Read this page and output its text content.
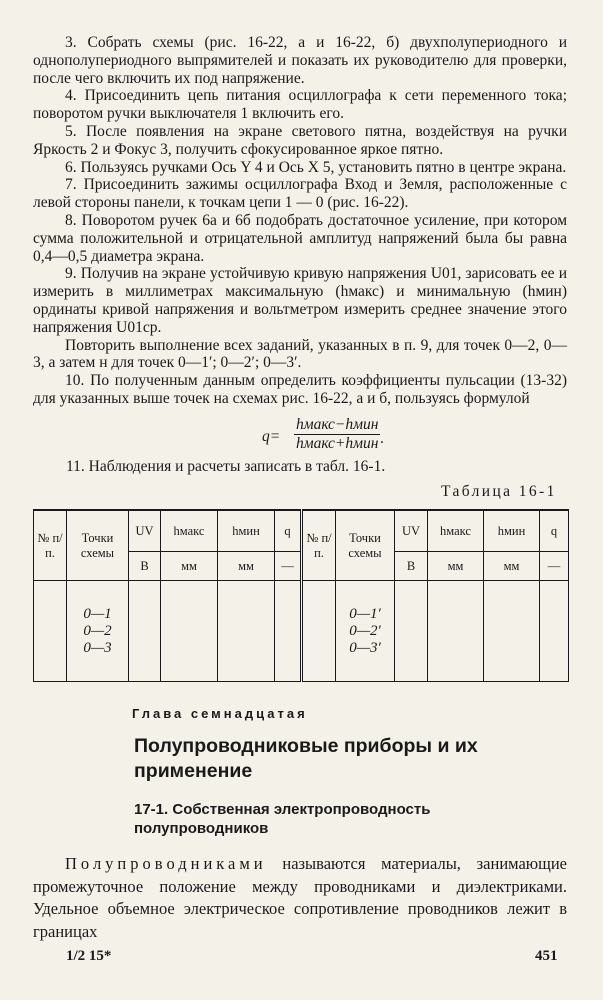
3. Собрать схемы (рис. 16-22, а и 16-22, б) двухполупериодного и однополупериодного выпрямителей и показать их руководителю для проверки, после чего включить их под напряжение.

4. Присоединить цепь питания осциллографа к сети переменного тока; поворотом ручки выключателя 1 включить его.

5. После появления на экране светового пятна, воздействуя на ручки Яркость 2 и Фокус 3, получить сфокусированное яркое пятно.

6. Пользуясь ручками Ось Y 4 и Ось X 5, установить пятно в центре экрана.

7. Присоединить зажимы осциллографа Вход и Земля, расположенные с левой стороны панели, к точкам цепи 1 — 0 (рис. 16-22).

8. Поворотом ручек 6а и 6б подобрать достаточное усиление, при котором сумма положительной и отрицательной амплитуд напряжений была бы равна 0,4—0,5 диаметра экрана.

9. Получив на экране устойчивую кривую напряжения U01, зарисовать ее и измерить в миллиметрах максимальную (hмакс) и минимальную (hмин) ординаты кривой напряжения и вольтметром измерить среднее значение этого напряжения U01ср.

Повторить выполнение всех заданий, указанных в п. 9, для точек 0—2, 0—3, а затем н для точек 0—1′; 0—2′; 0—3′.

10. По полученным данным определить коэффициенты пульсации (13-32) для указанных выше точек на схемах рис. 16-22, а и б, пользуясь формулой

q=
hмакс−hмин
hмакс+hмин .
11. Наблюдения и расчеты записать в табл. 16-1.
Таблица 16-1
№ п/п.	Точки схемы	UV	hмакс	hмин	q	№ п/п.	Точки схемы	UV	hмакс	hмин	q
		В	мм	мм	—			В	мм	мм	—
	0—1
0—2
0—3						0—1′
0—2′
0—3′				
Глава семнадцатая
Полупроводниковые приборы и их применение
17-1. Собственная электропроводность полупроводников

Полупроводниками называются материалы, занимающие промежуточное положение между проводниками и диэлектриками. Удельное объемное электрическое сопротивление проводников лежит в границах

1/2 15*	451
